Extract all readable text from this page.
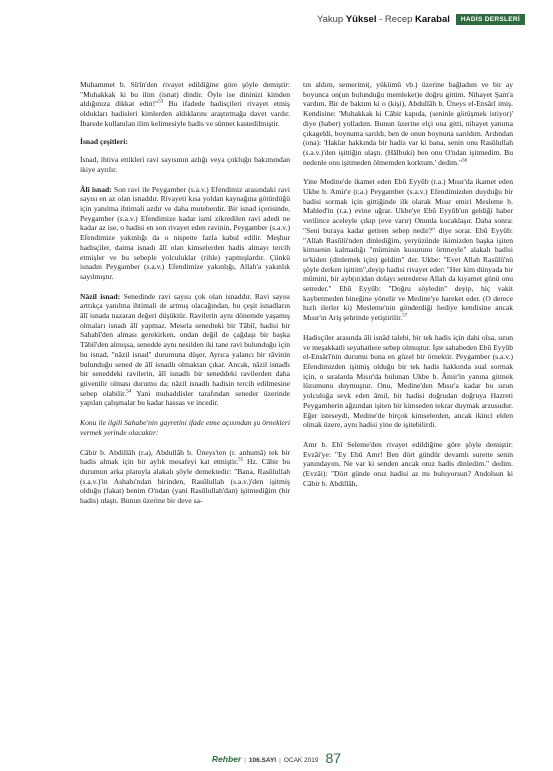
Yakup Yüksel - Recep Karabal	HADİS DERSLERİ

Muhammet b. Sîrîn'den rivayet edildiğine göre şöyle demiştir: "Muhakkak ki bu ilim (isnat) dindir. Öyle ise dininizi kimden aldığınıza dikkat edin!"$^{53}$ Bu ifadede hadisçileri rivayet etmiş oldukları hadisleri kimlerden aldıklarını araştırmağa davet vardır. İbarede kullanılan ilim kelimesiyle hadis ve sünnet kastedilmiştir.

İsnad çeşitleri:

İsnad, ihtiva ettikleri ravi sayısının azlığı veya çokluğu bakımından ikiye ayrılır.

Âlî isnad: Son ravi ile Peygamber (s.a.v.) Efendimiz arasındaki ravi sayısı en az olan isnaddır. Rivayeti kısa yoldan kaynağına götürdüğü için yanılma ihtimali azdır ve daha muteberdir. Bir isnad içerisinde, Peygamber (s.a.v.) Efendimize kadar ismi zikredilen ravi adedi ne kadar az ise, o hadisi en son rivayet eden ravinin, Peygamber (s.a.v.) Efendimize yakınlığı da o nispette fazla kabul edilir. Meşhur hadisçiler, daima isnadı âlî olan kimselerden hadis almayı tercih etmişler ve bu sebeple yolculuklar (rihle) yapmışlardır. Çünkü isnadın Peygamber (s.a.v.) Efendimize yakınlığı, Allah'a yakınlık sayılmıştır.

Nâzil isnad: Senedinde ravi sayısı çok olan isnaddır. Ravi sayısı arttıkça yanılma ihtimali de artmış olacağından, bu çeşit isnadların âlî isnada nazaran değeri düşüktür. Ravilerin aynı dönemde yaşamış olmaları isnadı âlî yapmaz. Mesela senedteki bir Tâbiî, hadisi bir Sahabî'den alması gerekirken, ondan değil de çağdaşı bir başka Tâbiî'den almışsa, senedde aynı nesilden iki tane ravi bulunduğu için bu isnad, "nâzil isnad" durumuna düşer. Ayrıca yalancı bir râvinin bulunduğu sened de âlî isnadlı olmaktan çıkar. Ancak, nâzil isnadlı bir seneddeki ravilerin, âlî isnadlı bir seneddeki ravilerden daha güvenilir olması durumu da; nâzil isnadlı hadisin tercih edilmesine sebep olabilir.$^{54}$ Yani muhaddisler tarafından seneder üzerinde yapılan çalışmalar bu kadar hassas ve incedir.

Konu ile ilgili Sahabe'nin gayretini ifade etme açısından şu örnekleri vermek yerinde olacaktır:

Câbir b. Abdillâh (r.a), Abdullâh b. Üneys'ten (r. anhumâ) tek bir hadis almak için bir aylık mesafeyi kat etmiştir.$^{55}$ Hz. Câbir bu durumun arka planıyla alakalı şöyle demektedir: "Bana, Rasûlullah (s.a.v.)'in Ashabı'ndan birinden, Rasûlullah (s.a.v.)'den işitmiş olduğu (fakat) benim O'ndan (yani Rasûlullah'dan) işitmediğim (bir hadis) ulaştı. Bunun üzerine bir deve sa-

tın aldım, semerimi(, yükümü vb.) üzerine bağladım ve bir ay boyunca on(un bulunduğu memleket)e doğru gittim. Nihayet Şam'a vardım. Bir de baktım ki o (kişi), Abdullâh b. Üneys el-Ensârî imiş. Kendisine: 'Muhakkak ki Câbir kapıda, (seninle görüşmek istiyor)' diye (haber) yolladım. Bunun üzerine elçi ona gitti, nihayet yanıma çıkageldi, boynuma sarıldı, ben de onun boynuna sarıldım. Ardından (ona): 'Haklar hakkında bir hadis var ki bana, senin onu Rasûlullah (s.a.v.)'den işittiğin ulaştı. (Hâlbuki) ben onu O'ndan işitmedim. Bu nedenle onu işitmeden ölmemden korktum.' dedim."$^{56}$

Yine Medine'de ikamet eden Ebû Eyyûb (r.a.) Mısır'da ikamet eden Ukbe b. Amir'e (r.a.) Peygamber (s.a.v.) Efendimizden duyduğu bir hadisi sormak için gittiğinde ilk olarak Mısır emiri Mesleme b. Mahled'in (r.a.) evine uğrar. Ukbe'ye Ebû Eyyûb'un geldiği haber verilince aceleyle çıkıp (eve varır) Onunla kucaklaşır. Daha sonra: "Seni buraya kadar getiren sebep nedir?" diye sorar. Ebû Eyyûb: "Allah Rasûlü'nden dinlediğim, yeryüzünde ikimizden başka işiten kimsenin kalmadığı "müminin kusurunu örtmeyle" alakalı hadisi te'kiden (dinlemek için) geldim" der. Ukbe: "Evet Allah Rasûlü'nü şöyle derken işittim",deyip hadisi rivayet eder: "Her kim dünyada bir mümini, bir ayb(ın)dan dolayı setrederse Allah da kıyamet günü onu setreder." Ebû Eyyûb: "Doğru söyledin" deyip, hiç vakit kaybetmeden bineğine yönelir ve Medine'ye hareket eder. (O derece hızlı ilerler ki) Mesleme'nin gönderdiği hediye kendisine ancak Mısır'ın Ariş şehrinde yetiştirilir.$^{57}$

Hadisçiler arasında âli isnâd talebi, bir tek hadis için dahi olsa, uzun ve meşakkatli seyahatlere sebep olmuştur. İşte sahabeden Ebû Eyyûb el-Ensârî'nin durumu buna en güzel bir örnektir. Peygamber (s.a.v.) Efendimizden işitmiş olduğu bir tek hadis hakkında sual sormak için, o sıralarda Mısır'da bulunan Ukbe b. Âmir'in yanına gitmek lüzumunu duymuştur. Onu, Medine'den Mısır'a kadar bu uzun yolculuğa sevk eden âmil, bir hadisi doğrudan doğruya Hazreti Peygamberin ağzından işiten bir kimseden tekrar duymak arzusudur. Eğer isteseydi, Medine'de birçok kimselerden, ancak ikinci elden olmak üzere, aynı hadisi yine de işitebilirdi.

Amr b. Ebî Seleme'den rivayet edildiğine göre şöyle demiştir: Evzâi'ye: "Ey Ebû Amr! Ben dört gündür devamlı surette senin yanındayım. Ne var ki senden ancak otuz hadis dinledim." dedim. (Evzâi): "Dört günde otuz hadisi az mı buluyorsun? Andolsun ki Câbir b. Abdillâh,

Rehber | 106.SAYI | OCAK 2019 87
